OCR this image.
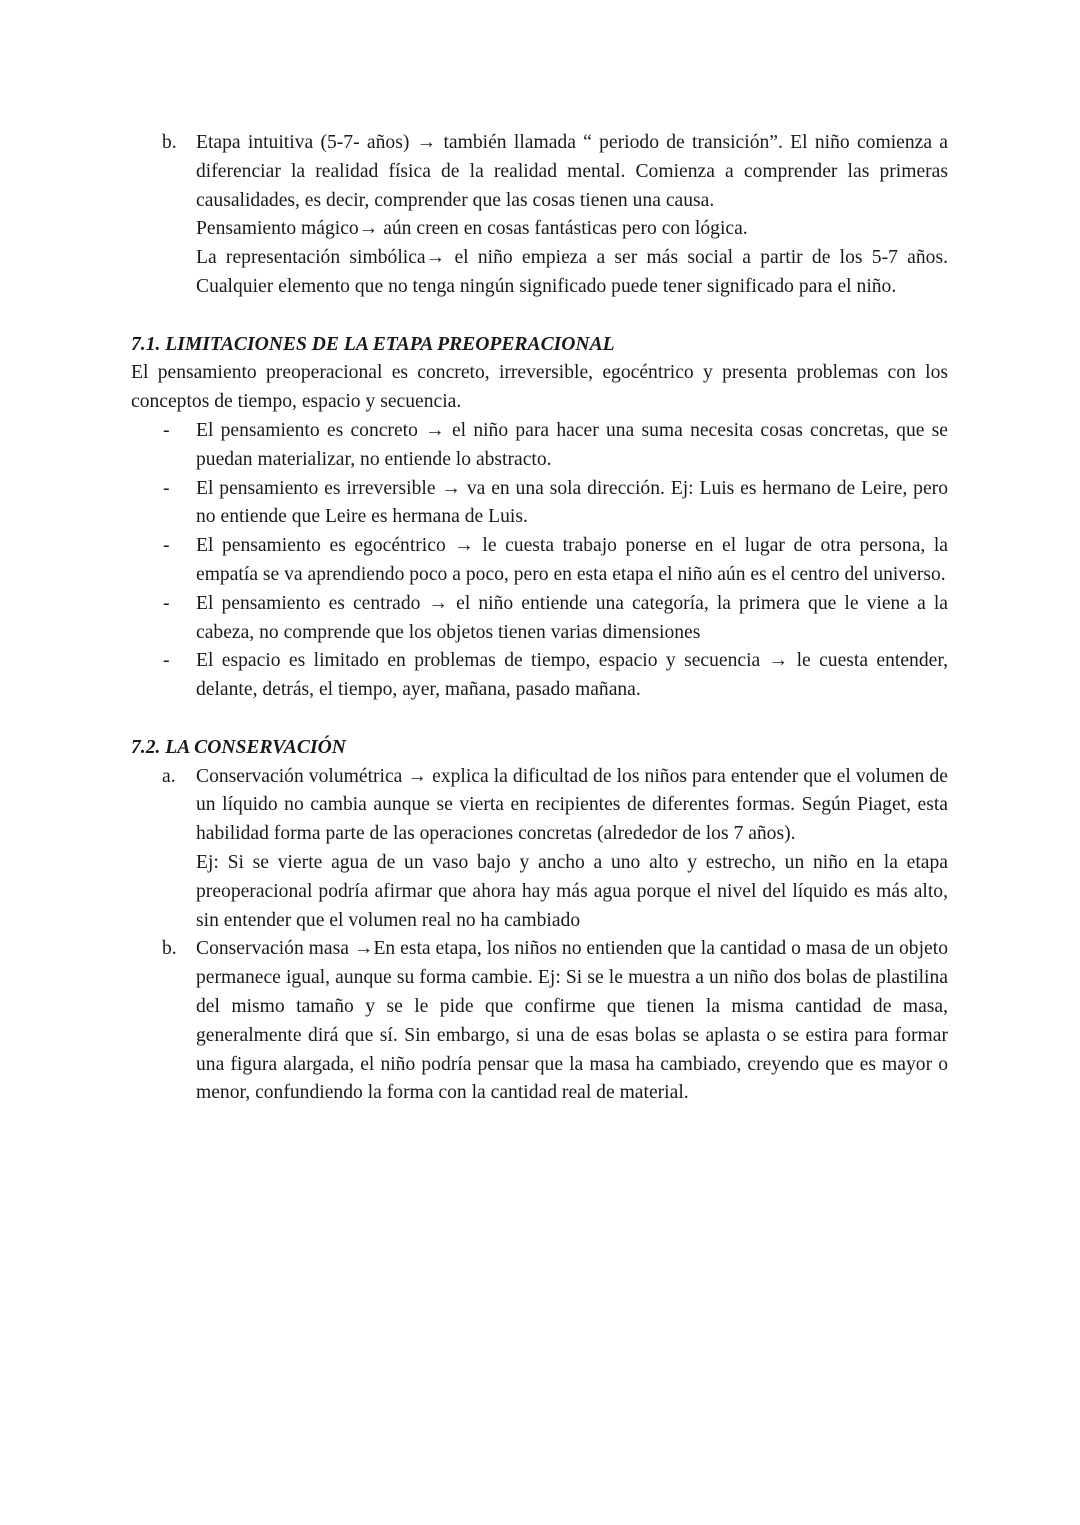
b. Etapa intuitiva (5-7- años) → también llamada “ periodo de transición”. El niño comienza a diferenciar la realidad física de la realidad mental. Comienza a comprender las primeras causalidades, es decir, comprender que las cosas tienen una causa.
Pensamiento mágico→ aún creen en cosas fantásticas pero con lógica.
La representación simbólica→ el niño empieza a ser más social a partir de los 5-7 años. Cualquier elemento que no tenga ningún significado puede tener significado para el niño.

7.1. LIMITACIONES DE LA ETAPA PREOPERACIONAL

El pensamiento preoperacional es concreto, irreversible, egocéntrico y presenta problemas con los conceptos de tiempo, espacio y secuencia.

- El pensamiento es concreto → el niño para hacer una suma necesita cosas concretas, que se puedan materializar, no entiende lo abstracto.
- El pensamiento es irreversible → va en una sola dirección. Ej: Luis es hermano de Leire, pero no entiende que Leire es hermana de Luis.
- El pensamiento es egocéntrico → le cuesta trabajo ponerse en el lugar de otra persona, la empatía se va aprendiendo poco a poco, pero en esta etapa el niño aún es el centro del universo.
- El pensamiento es centrado → el niño entiende una categoría, la primera que le viene a la cabeza, no comprende que los objetos tienen varias dimensiones
- El espacio es limitado en problemas de tiempo, espacio y secuencia → le cuesta entender, delante, detrás, el tiempo, ayer, mañana, pasado mañana.

7.2. LA CONSERVACIÓN

a. Conservación volumétrica → explica la dificultad de los niños para entender que el volumen de un líquido no cambia aunque se vierta en recipientes de diferentes formas. Según Piaget, esta habilidad forma parte de las operaciones concretas (alrededor de los 7 años).
Ej: Si se vierte agua de un vaso bajo y ancho a uno alto y estrecho, un niño en la etapa preoperacional podría afirmar que ahora hay más agua porque el nivel del líquido es más alto, sin entender que el volumen real no ha cambiado
b. Conservación masa →En esta etapa, los niños no entienden que la cantidad o masa de un objeto permanece igual, aunque su forma cambie. Ej: Si se le muestra a un niño dos bolas de plastilina del mismo tamaño y se le pide que confirme que tienen la misma cantidad de masa, generalmente dirá que sí. Sin embargo, si una de esas bolas se aplasta o se estira para formar una figura alargada, el niño podría pensar que la masa ha cambiado, creyendo que es mayor o menor, confundiendo la forma con la cantidad real de material.
